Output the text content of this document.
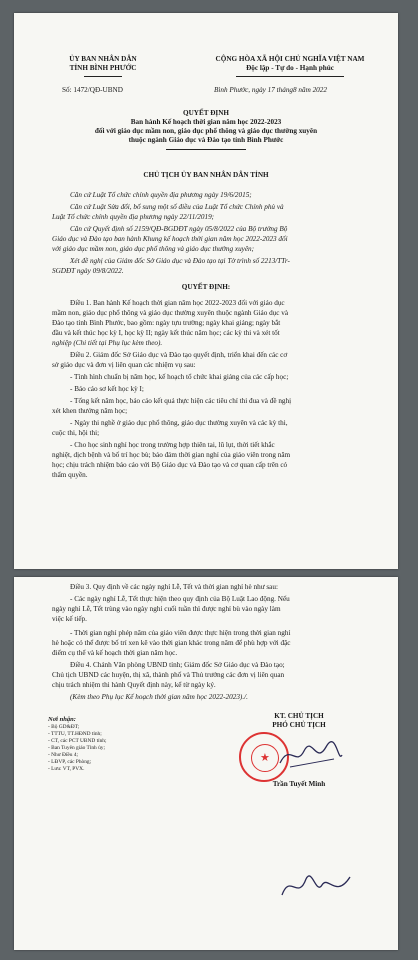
ỦY BAN NHÂN DÂN
TỈNH BÌNH PHƯỚC
Số: 1472/QĐ-UBND
CỘNG HÒA XÃ HỘI CHỦ NGHĨA VIỆT NAM
Độc lập - Tự do - Hạnh phúc
Bình Phước, ngày 17 tháng8 năm 2022
QUYẾT ĐỊNH
Ban hành Kế hoạch thời gian năm học 2022-2023
đối với giáo dục mầm non, giáo dục phổ thông và giáo dục thường xuyên
thuộc ngành Giáo dục và Đào tạo tỉnh Bình Phước
CHỦ TỊCH ỦY BAN NHÂN DÂN TỈNH
Căn cứ Luật Tổ chức chính quyền địa phương ngày 19/6/2015;
Căn cứ Luật Sửa đổi, bổ sung một số điều của Luật Tổ chức Chính phủ và
Luật Tổ chức chính quyền địa phương ngày 22/11/2019;
Căn cứ Quyết định số 2159/QĐ-BGDĐT ngày 05/8/2022 của Bộ trưởng Bộ
Giáo dục và Đào tạo ban hành Khung kế hoạch thời gian năm học 2022-2023 đối
với giáo dục mầm non, giáo dục phổ thông và giáo dục thường xuyên;
Xét đề nghị của Giám đốc Sở Giáo dục và Đào tạo tại Tờ trình số 2213/TTr-
SGDĐT ngày 09/8/2022.
QUYẾT ĐỊNH:
Điều 1. Ban hành Kế hoạch thời gian năm học 2022-2023 đối với giáo dục
mầm non, giáo dục phổ thông và giáo dục thường xuyên thuộc ngành Giáo dục và
Đào tạo tỉnh Bình Phước, bao gồm: ngày tựu trường; ngày khai giảng; ngày bắt
đầu và kết thúc học kỳ I, học kỳ II; ngày kết thúc năm học; các kỳ thi và xét tốt
nghiệp (Chi tiết tại Phụ lục kèm theo).
Điều 2. Giám đốc Sở Giáo dục và Đào tạo quyết định, triển khai đến các cơ
sở giáo dục và đơn vị liên quan các nhiệm vụ sau:
- Tình hình chuẩn bị năm học, kế hoạch tổ chức khai giảng của các cấp học;
- Báo cáo sơ kết học kỳ I;
- Tổng kết năm học, báo cáo kết quả thực hiện các tiêu chí thi đua và đề nghị
xét khen thưởng năm học;
- Ngày thi nghề ở giáo dục phổ thông, giáo dục thường xuyên và các kỳ thi,
cuộc thi, hội thi;
- Cho học sinh nghỉ học trong trường hợp thiên tai, lũ lụt, thời tiết khắc
nghiệt, dịch bệnh và bố trí học bù; bảo đảm thời gian nghỉ của giáo viên trong năm
học; chịu trách nhiệm báo cáo với Bộ Giáo dục và Đào tạo và cơ quan cấp trên có
thẩm quyền.
Điều 3. Quy định về các ngày nghỉ Lễ, Tết và thời gian nghỉ hè như sau:
- Các ngày nghỉ Lễ, Tết thực hiện theo quy định của Bộ Luật Lao động. Nếu
ngày nghỉ Lễ, Tết trùng vào ngày nghỉ cuối tuần thì được nghỉ bù vào ngày làm
việc kế tiếp.
- Thời gian nghỉ phép năm của giáo viên được thực hiện trong thời gian nghỉ
hè hoặc có thể được bố trí xen kẽ vào thời gian khác trong năm để phù hợp với đặc
điểm cụ thể và kế hoạch thời gian năm học.
Điều 4. Chánh Văn phòng UBND tỉnh; Giám đốc Sở Giáo dục và Đào tạo;
Chủ tịch UBND các huyện, thị xã, thành phố và Thủ trưởng các đơn vị liên quan
chịu trách nhiệm thi hành Quyết định này, kể từ ngày ký.
(Kèm theo Phụ lục Kế hoạch thời gian năm học 2022-2023)./.
Nơi nhận:
- Bộ GD&ĐT;
- TTTU, TT.HĐND tỉnh;
- CT, các PCT UBND tỉnh;
- Ban Tuyên giáo Tỉnh ủy;
- Như Điều 4;
- LĐVP, các Phòng;
- Lưu: VT, PVX.
KT. CHỦ TỊCH
PHÓ CHỦ TỊCH
★
Trần Tuyết Minh
